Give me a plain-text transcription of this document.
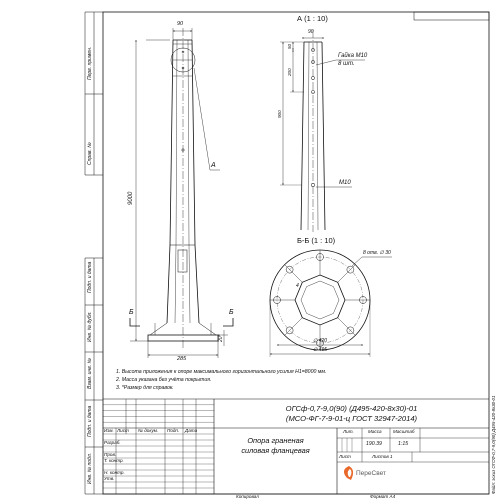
Перв. примен.
Справ. №
Подп. и дата
Инв. № дубл.
Взам. инв. №
Подп. и дата
Инв. № подл.	Файл: эскиз ОГСФ-0,7-9,0(90) Д495-420-8х30-01
90
9000
285
20*
Б	Б
А
А (1 : 10)
90
50
200
900
Гайка М10
8 шт.
М10
Б-Б (1 : 10)
8 отв. ∅ 30
4
∅ 420
∅ 495
1. Высота приложения к опоре максимального горизонтального усилия H1=8000 мм.
2. Масса указана без учёта покрытия.
3. *Размер для справок.
ОГСф-0,7-9,0(90) (Д495-420-8х30)-01
(МСО-ФГ-7-9-01-ц ГОСТ 32947-2014)
Опора граненая
силовая фланцевая
Изм. Лист № докум. Подп. Дата
Разраб.
Пров.
Т. контр.
Н. контр.
Утв.
Лит.	Масса Масштаб
190.39	1:15
Лист	Листов 1
ПереСвет
Копировал	Формат А4
